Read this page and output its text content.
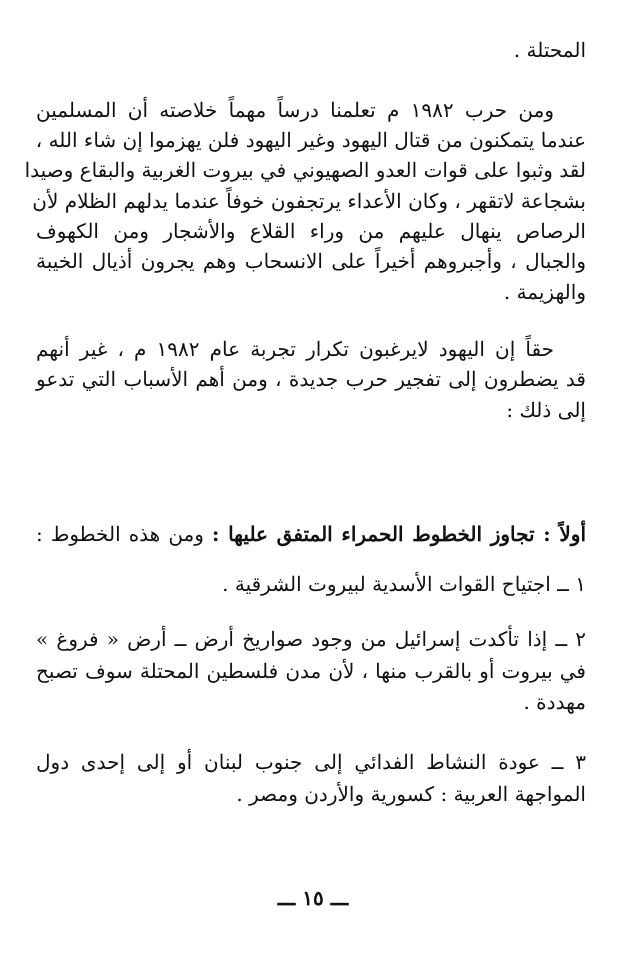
المحتلة .
ومن حرب ١٩٨٢ م تعلمنا درساً مهماً خلاصته أن المسلمين
عندما يتمكنون من قتال اليهود وغير اليهود فلن يهزموا إن شاء الله ،
لقد وثبوا على قوات العدو الصهيوني في بيروت الغربية والبقاع وصيدا
بشجاعة لاتقهر ، وكان الأعداء يرتجفون خوفاً عندما يدلهم الظلام لأن
الرصاص ينهال عليهم من وراء القلاع والأشجار ومن الكهوف
والجبال ، وأجبروهم أخيراً على الانسحاب وهم يجرون أذيال الخيبة
والهزيمة .
حقاً إن اليهود لايرغبون تكرار تجربة عام ١٩٨٢ م ، غير أنهم
قد يضطرون إلى تفجير حرب جديدة ، ومن أهم الأسباب التي تدعو
إلى ذلك :
أولاً : تجاوز الخطوط الحمراء المتفق عليها : ومن هذه الخطوط :
١ ــ اجتياح القوات الأسدية لبيروت الشرقية .
٢ ــ إذا تأكدت إسرائيل من وجود صواريخ أرض ــ أرض « فروغ »
في بيروت أو بالقرب منها ، لأن مدن فلسطين المحتلة سوف تصبح
مهددة .
٣ ــ عودة النشاط الفدائي إلى جنوب لبنان أو إلى إحدى دول
المواجهة العربية : كسورية والأردن ومصر .
ـــ ١٥ ـــ
